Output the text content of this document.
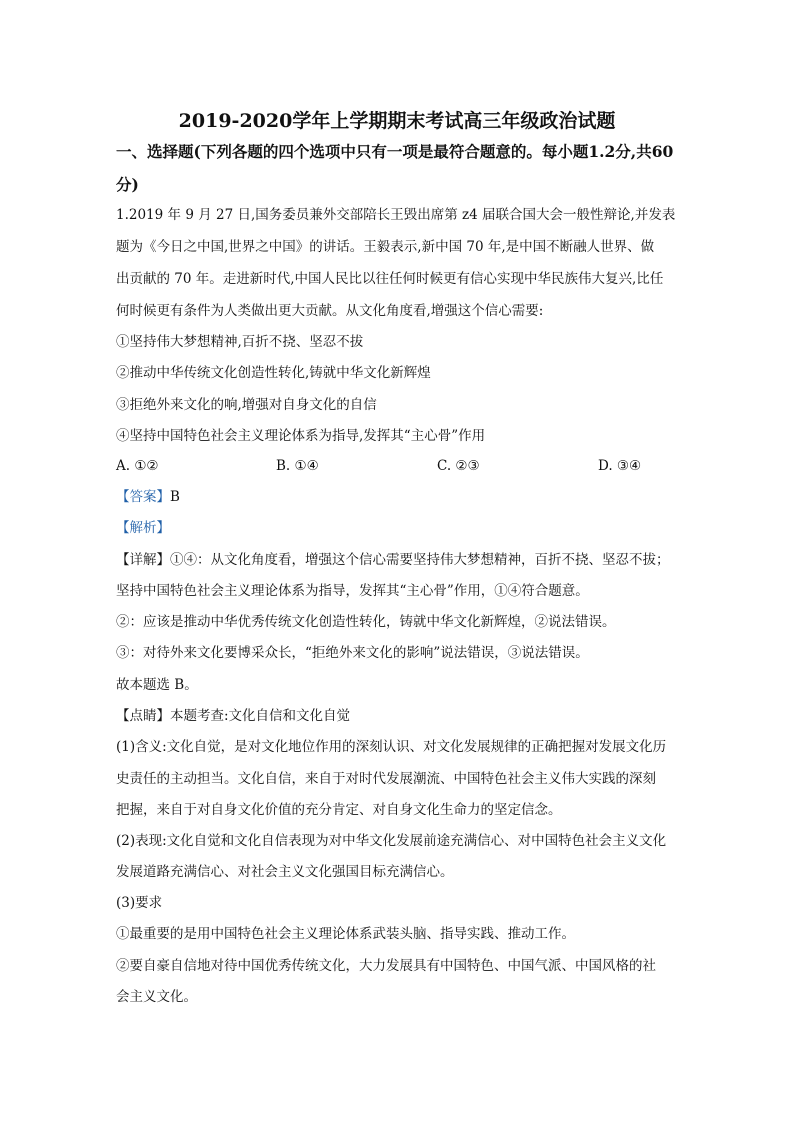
2019-2020学年上学期期末考试高三年级政治试题
一、选择题(下列各题的四个选项中只有一项是最符合题意的。每小题1.2分,共60
分)
1.2019 年 9 月 27 日,国务委员兼外交部陪长王毁出席第 z4 届联合国大会一般性辩论,并发表
题为《今日之中国,世界之中国》的讲话。王毅表示,新中国 70 年,是中国不断融人世界、做
出贡献的 70 年。走进新时代,中国人民比以往任何时候更有信心实现中华民族伟大复兴,比任
何时候更有条件为人类做出更大贡献。从文化角度看,增强这个信心需要:
①坚持伟大梦想精神,百折不挠、坚忍不拔
②推动中华传统文化创造性转化,铸就中华文化新辉煌
③拒绝外来文化的响,增强对自身文化的自信
④坚持中国特色社会主义理论体系为指导,发挥其“主心骨”作用
A. ①②	B. ①④	C. ②③	D. ③④
【答案】B
【解析】
【详解】①④：从文化角度看，增强这个信心需要坚持伟大梦想精神，百折不挠、坚忍不拔；
坚持中国特色社会主义理论体系为指导，发挥其“主心骨”作用，①④符合题意。
②：应该是推动中华优秀传统文化创造性转化，铸就中华文化新辉煌，②说法错误。
③：对待外来文化要博采众长，“拒绝外来文化的影响”说法错误，③说法错误。
故本题选 B。
【点睛】本题考查:文化自信和文化自觉
(1)含义:文化自觉，是对文化地位作用的深刻认识、对文化发展规律的正确把握对发展文化历
史责任的主动担当。文化自信，来自于对时代发展潮流、中国特色社会主义伟大实践的深刻
把握，来自于对自身文化价值的充分肯定、对自身文化生命力的坚定信念。
(2)表现:文化自觉和文化自信表现为对中华文化发展前途充满信心、对中国特色社会主义文化
发展道路充满信心、对社会主义文化强国目标充满信心。
(3)要求
①最重要的是用中国特色社会主义理论体系武装头脑、指导实践、推动工作。
②要自豪自信地对待中国优秀传统文化，大力发展具有中国特色、中国气派、中国风格的社
会主义文化。
